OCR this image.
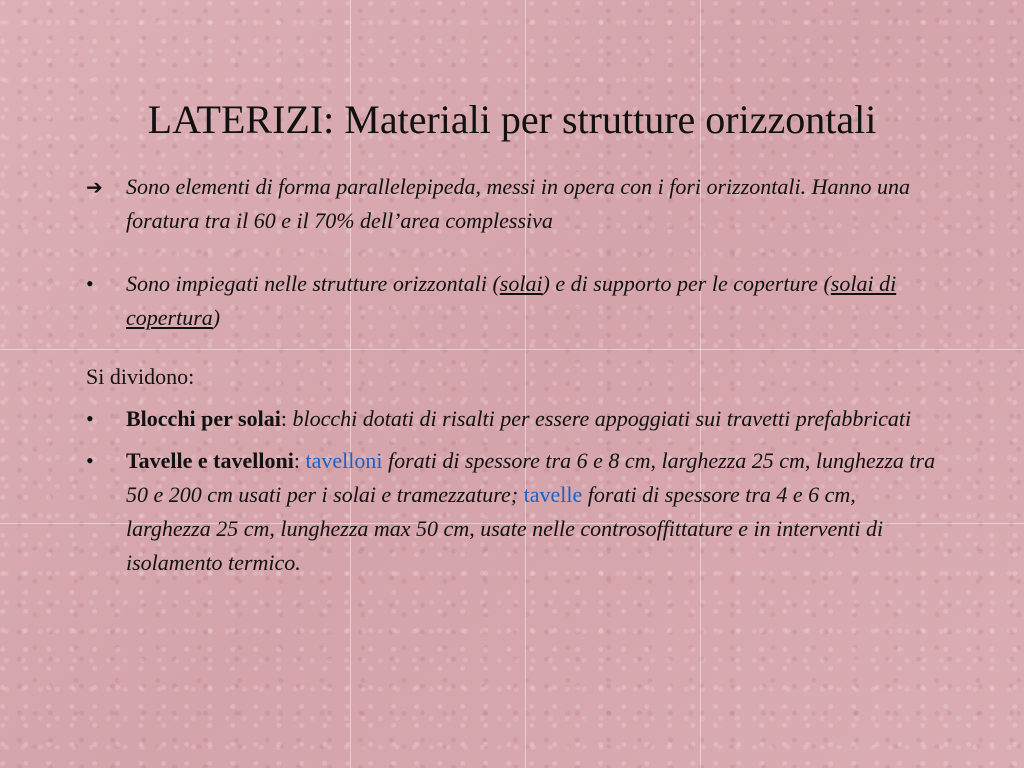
LATERIZI: Materiali per strutture orizzontali
➔	Sono elementi di forma parallelepipeda, messi in opera con i fori orizzontali. Hanno una foratura tra il 60 e il 70% dell’area complessiva
•	Sono impiegati nelle strutture orizzontali (solai) e di supporto per le coperture (solai di copertura)
Si dividono:
•	Blocchi per solai: blocchi dotati di risalti per essere appoggiati sui travetti prefabbricati
•	Tavelle e tavelloni: tavelloni forati di spessore tra 6 e 8 cm, larghezza 25 cm, lunghezza tra 50 e 200 cm usati per i solai e tramezzature; tavelle forati di spessore tra 4 e 6 cm, larghezza 25 cm, lunghezza max 50 cm, usate nelle controsoffittature e in interventi di isolamento termico.
